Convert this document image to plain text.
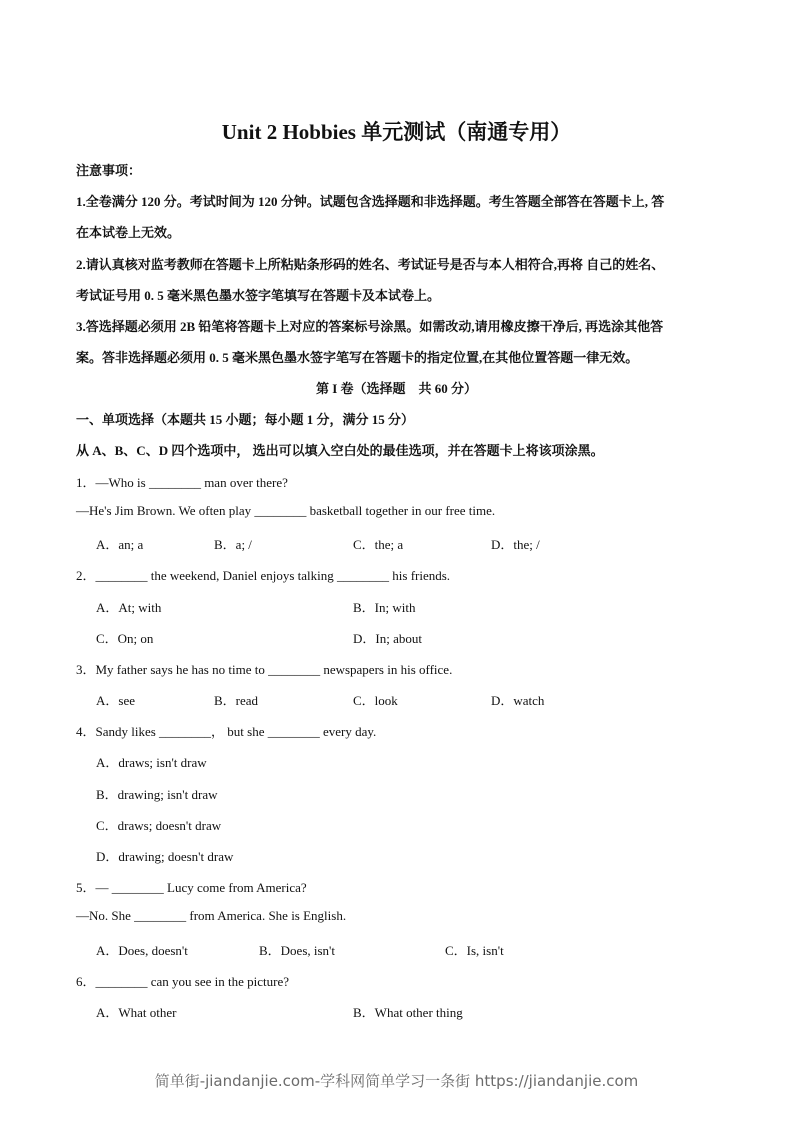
Unit 2 Hobbies 单元测试（南通专用）
注意事项：
1.全卷满分 120 分。考试时间为 120 分钟。试题包含选择题和非选择题。考生答题全部答在答题卡上, 答
在本试卷上无效。
2.请认真核对监考教师在答题卡上所粘贴条形码的姓名、考试证号是否与本人相符合,再将 自己的姓名、
考试证号用 0. 5 毫米黑色墨水签字笔填写在答题卡及本试卷上。
3.答选择题必须用 2B 铅笔将答题卡上对应的答案标号涂黑。如需改动,请用橡皮擦干净后, 再选涂其他答
案。答非选择题必须用 0. 5 毫米黑色墨水签字笔写在答题卡的指定位置,在其他位置答题一律无效。
第 I 卷（选择题　共 60 分）
一、单项选择（本题共 15 小题；每小题 1 分，满分 15 分）
从 A、B、C、D 四个选项中， 选出可以填入空白处的最佳选项，并在答题卡上将该项涂黑。
1．—Who is ________ man over there?
—He's Jim Brown. We often play ________ basketball together in our free time.
A．an; a	B．a; /	C．the; a	D．the; /
2．________ the weekend, Daniel enjoys talking ________ his friends.
A．At; with	B．In; with
C．On; on	D．In; about
3．My father says he has no time to ________ newspapers in his office.
A．see	B．read	C．look	D．watch
4．Sandy likes ________， but she ________ every day.
A．draws; isn't draw
B．drawing; isn't draw
C．draws; doesn't draw
D．drawing; doesn't draw
5．— ________ Lucy come from America?
—No. She ________ from America. She is English.
A．Does, doesn't	B．Does, isn't	C．Is, isn't
6．________ can you see in the picture?
A．What other	B．What other thing
简单街-jiandanjie.com-学科网简单学习一条街 https://jiandanjie.com
